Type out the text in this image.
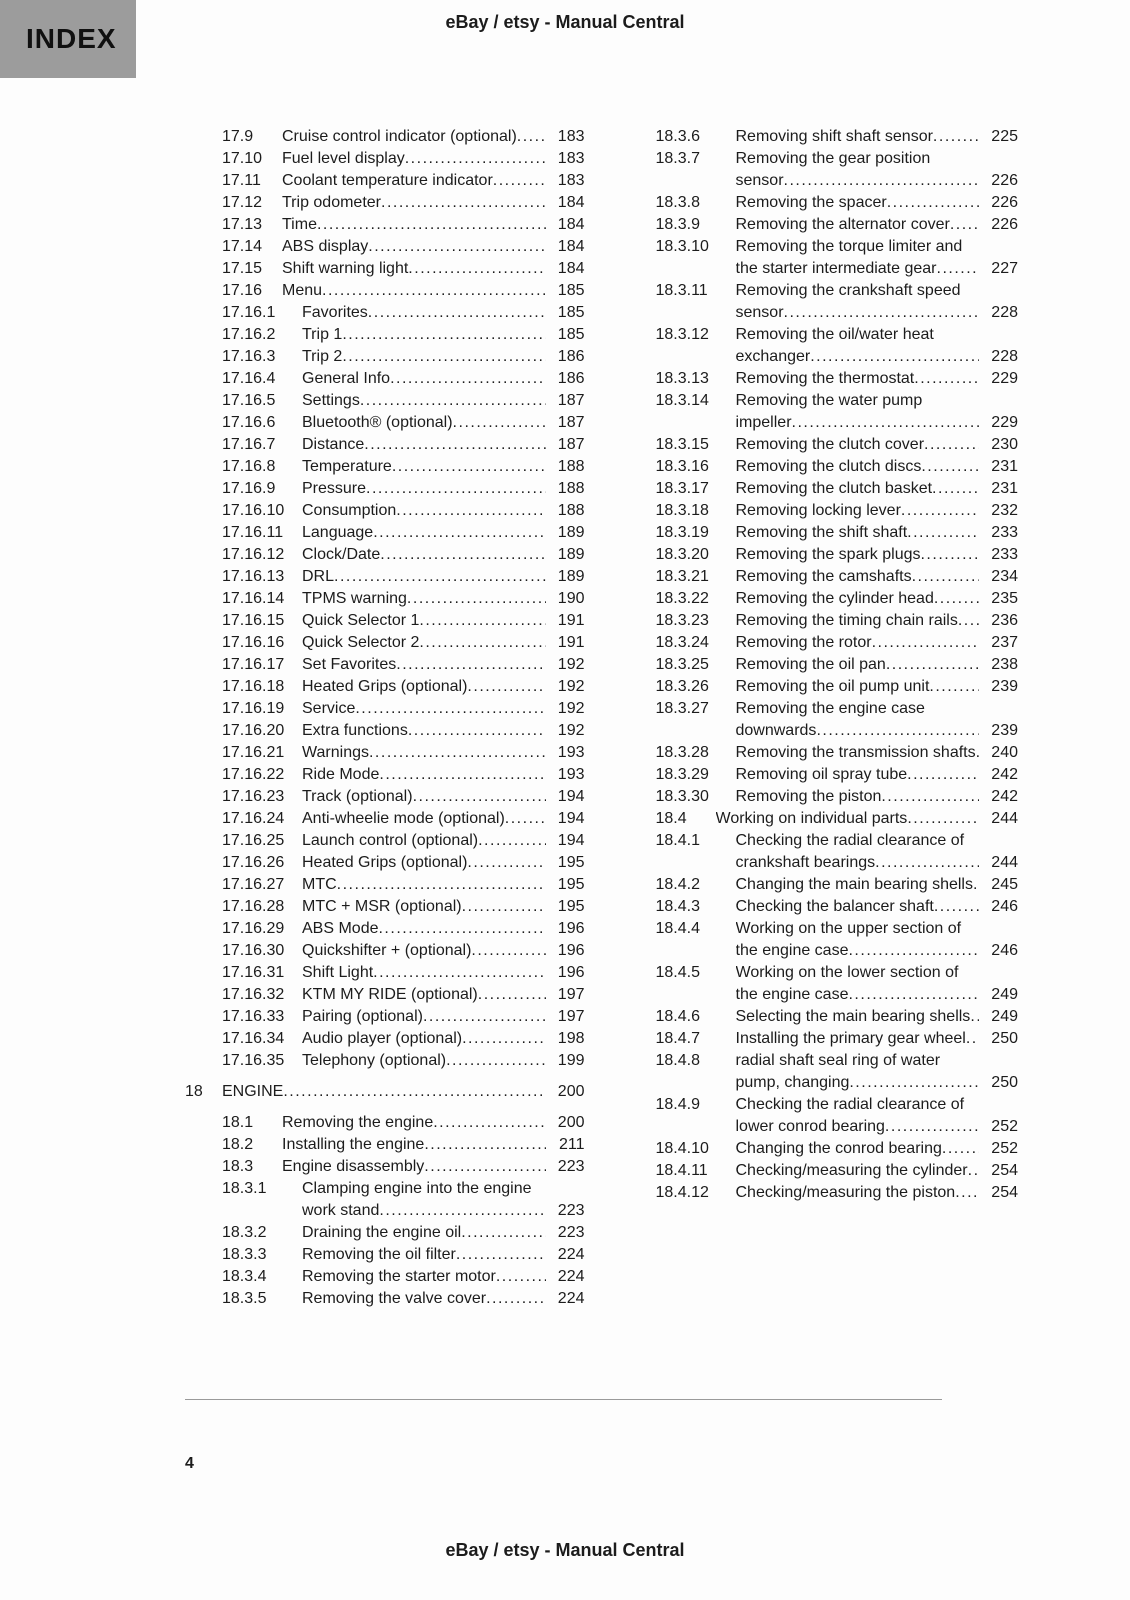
INDEX
eBay / etsy - Manual Central
17.9	Cruise control indicator (optional)	183
17.10	Fuel level display	183
17.11	Coolant temperature indicator	183
17.12	Trip odometer	184
17.13	Time	184
17.14	ABS display	184
17.15	Shift warning light	184
17.16	Menu	185
17.16.1	Favorites	185
17.16.2	Trip 1	185
17.16.3	Trip 2	186
17.16.4	General Info	186
17.16.5	Settings	187
17.16.6	Bluetooth® (optional)	187
17.16.7	Distance	187
17.16.8	Temperature	188
17.16.9	Pressure	188
17.16.10	Consumption	188
17.16.11	Language	189
17.16.12	Clock/Date	189
17.16.13	DRL	189
17.16.14	TPMS warning	190
17.16.15	Quick Selector 1	191
17.16.16	Quick Selector 2	191
17.16.17	Set Favorites	192
17.16.18	Heated Grips (optional)	192
17.16.19	Service	192
17.16.20	Extra functions	192
17.16.21	Warnings	193
17.16.22	Ride Mode	193
17.16.23	Track (optional)	194
17.16.24	Anti-wheelie mode (optional)	194
17.16.25	Launch control (optional)	194
17.16.26	Heated Grips (optional)	195
17.16.27	MTC	195
17.16.28	MTC + MSR (optional)	195
17.16.29	ABS Mode	196
17.16.30	Quickshifter + (optional)	196
17.16.31	Shift Light	196
17.16.32	KTM MY RIDE (optional)	197
17.16.33	Pairing (optional)	197
17.16.34	Audio player (optional)	198
17.16.35	Telephony (optional)	199
18	ENGINE	200
18.1	Removing the engine	200
18.2	Installing the engine	211
18.3	Engine disassembly	223
18.3.1	Clamping engine into the engine work stand	223
18.3.2	Draining the engine oil	223
18.3.3	Removing the oil filter	224
18.3.4	Removing the starter motor	224
18.3.5	Removing the valve cover	224
18.3.6	Removing shift shaft sensor	225
18.3.7	Removing the gear position sensor	226
18.3.8	Removing the spacer	226
18.3.9	Removing the alternator cover	226
18.3.10	Removing the torque limiter and the starter intermediate gear	227
18.3.11	Removing the crankshaft speed sensor	228
18.3.12	Removing the oil/water heat exchanger	228
18.3.13	Removing the thermostat	229
18.3.14	Removing the water pump impeller	229
18.3.15	Removing the clutch cover	230
18.3.16	Removing the clutch discs	231
18.3.17	Removing the clutch basket	231
18.3.18	Removing locking lever	232
18.3.19	Removing the shift shaft	233
18.3.20	Removing the spark plugs	233
18.3.21	Removing the camshafts	234
18.3.22	Removing the cylinder head	235
18.3.23	Removing the timing chain rails	236
18.3.24	Removing the rotor	237
18.3.25	Removing the oil pan	238
18.3.26	Removing the oil pump unit	239
18.3.27	Removing the engine case downwards	239
18.3.28	Removing the transmission shafts 240
18.3.29	Removing oil spray tube	242
18.3.30	Removing the piston	242
18.4	Working on individual parts	244
18.4.1	Checking the radial clearance of crankshaft bearings	244
18.4.2	Changing the main bearing shells	245
18.4.3	Checking the balancer shaft	246
18.4.4	Working on the upper section of the engine case	246
18.4.5	Working on the lower section of the engine case	249
18.4.6	Selecting the main bearing shells	249
18.4.7	Installing the primary gear wheel	250
18.4.8	radial shaft seal ring of water pump, changing	250
18.4.9	Checking the radial clearance of lower conrod bearing	252
18.4.10	Changing the conrod bearing	252
18.4.11	Checking/measuring the cylinder	254
18.4.12	Checking/measuring the piston	254
4
eBay / etsy - Manual Central
